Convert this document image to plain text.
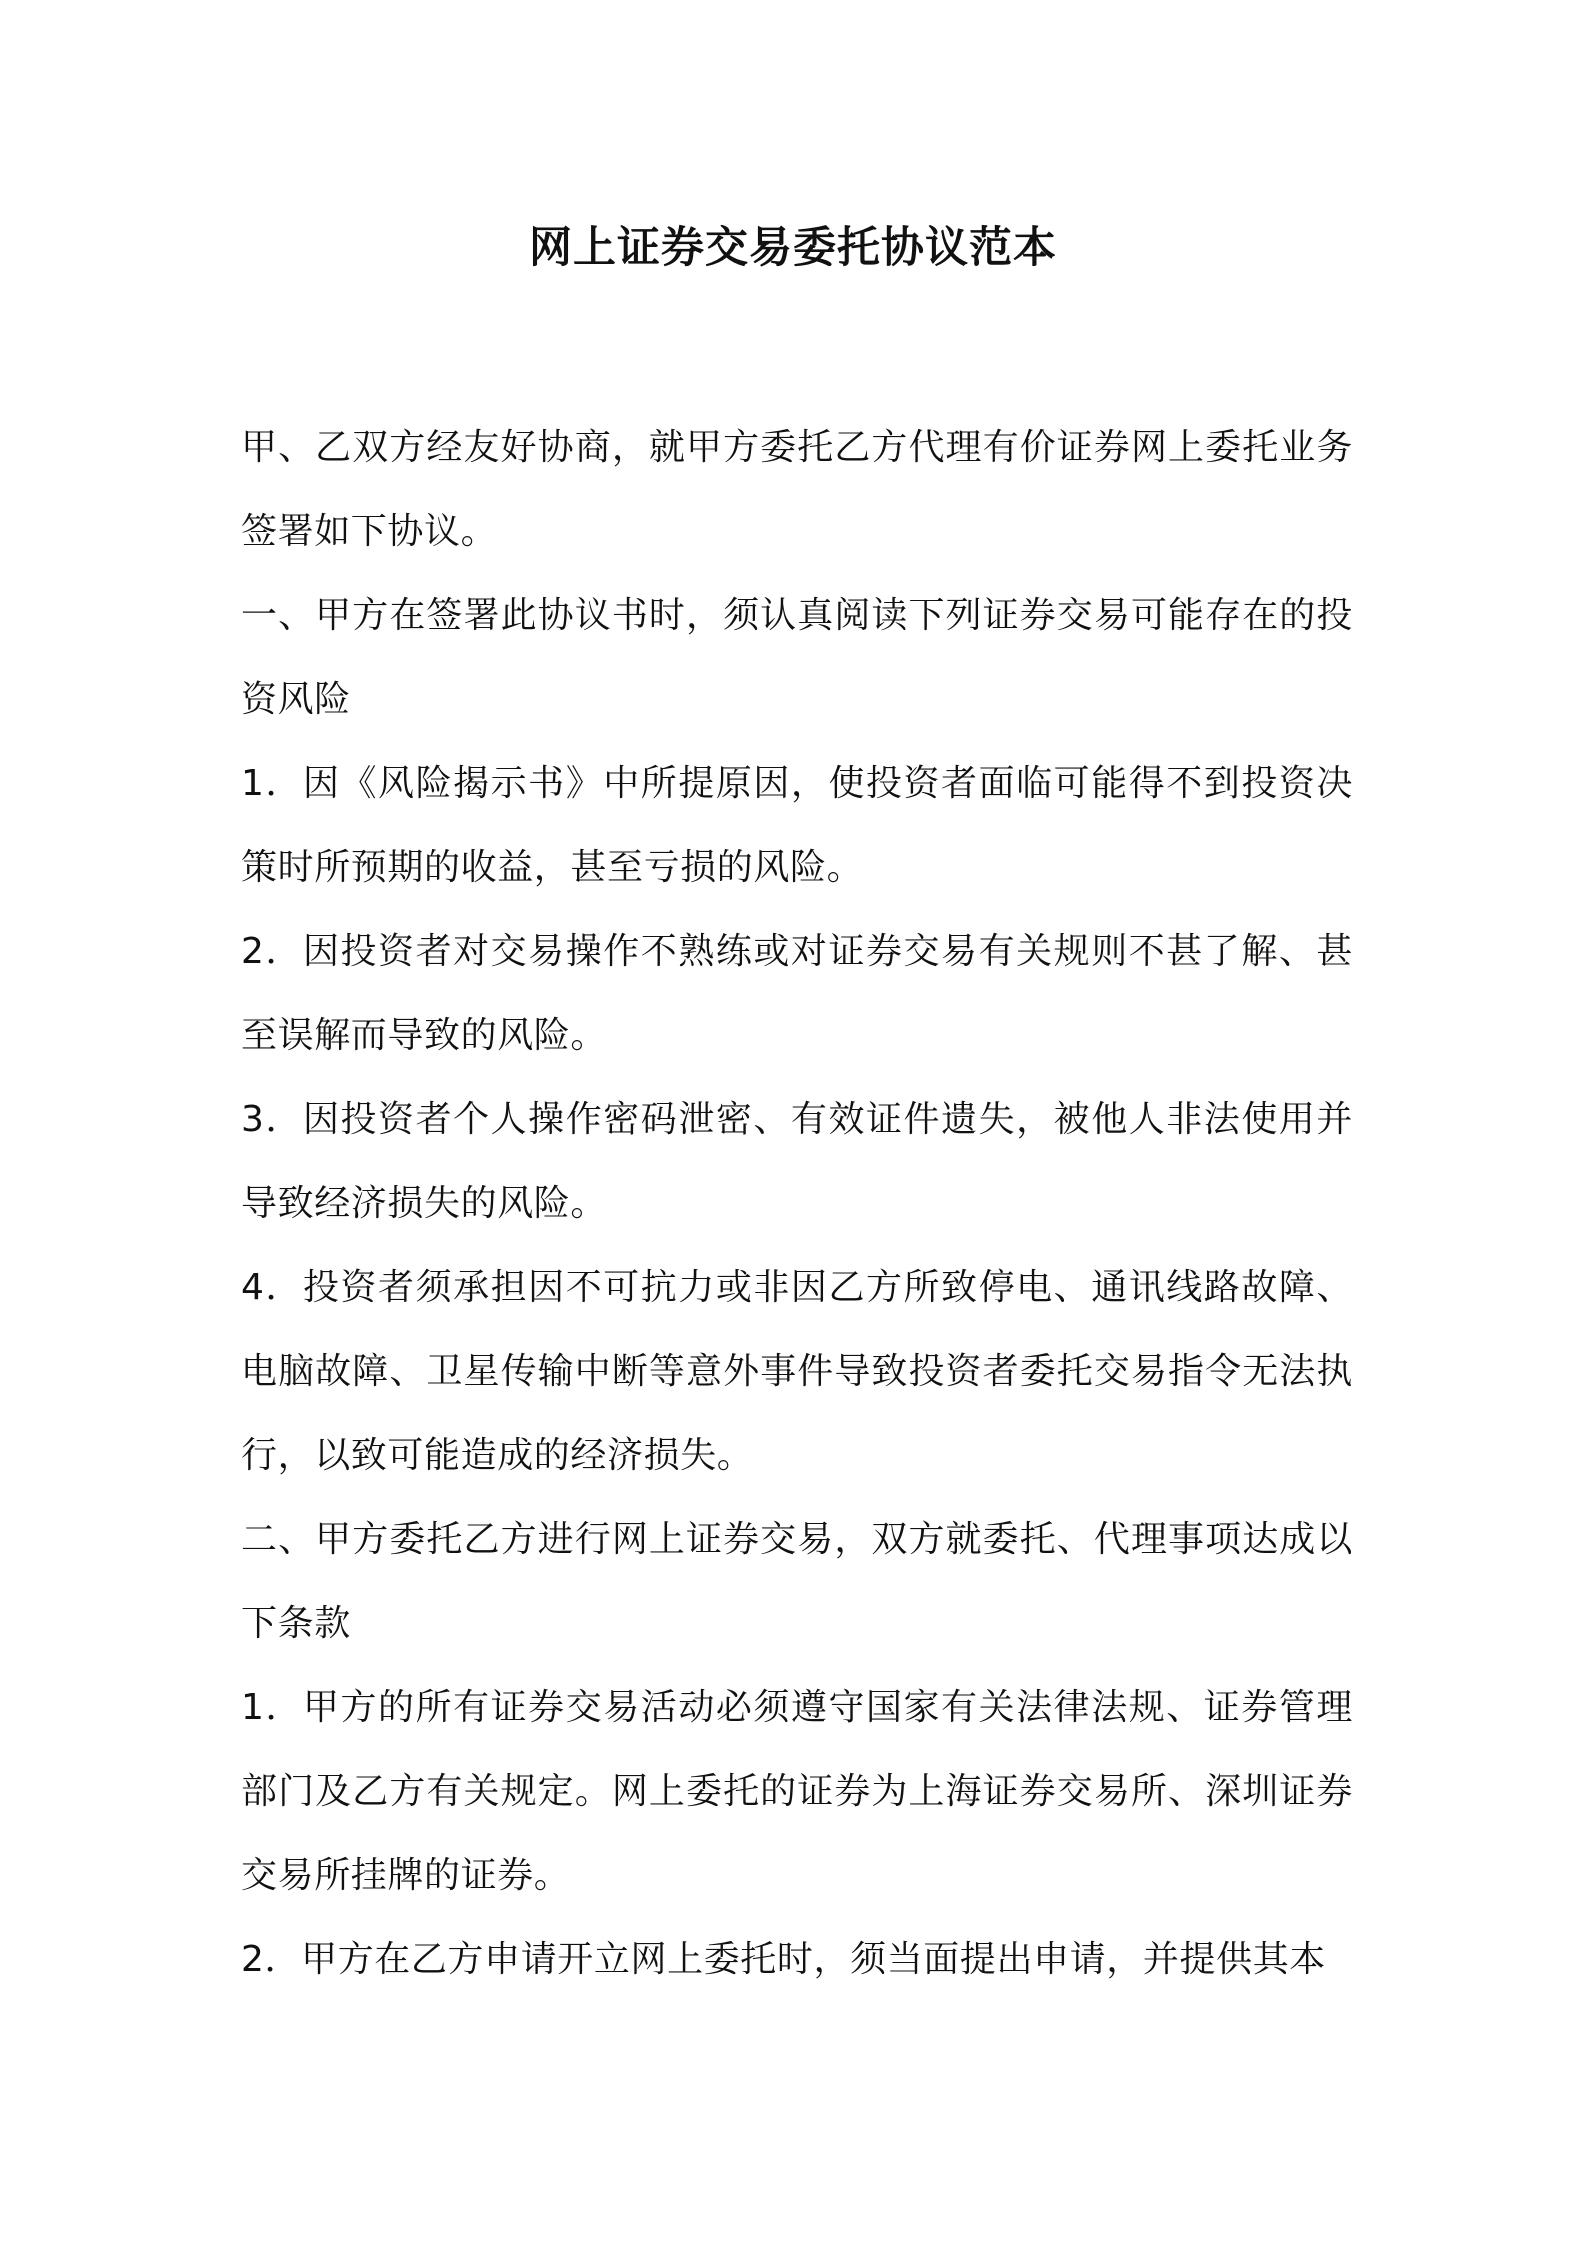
网上证券交易委托协议范本

甲、乙双方经友好协商，就甲方委托乙方代理有价证券网上委托业务签署如下协议。

一、甲方在签署此协议书时，须认真阅读下列证券交易可能存在的投资风险

1．因《风险揭示书》中所提原因，使投资者面临可能得不到投资决策时所预期的收益，甚至亏损的风险。

2．因投资者对交易操作不熟练或对证券交易有关规则不甚了解、甚至误解而导致的风险。

3．因投资者个人操作密码泄密、有效证件遗失，被他人非法使用并导致经济损失的风险。

4．投资者须承担因不可抗力或非因乙方所致停电、通讯线路故障、电脑故障、卫星传输中断等意外事件导致投资者委托交易指令无法执行，以致可能造成的经济损失。

二、甲方委托乙方进行网上证券交易，双方就委托、代理事项达成以下条款

1．甲方的所有证券交易活动必须遵守国家有关法律法规、证券管理部门及乙方有关规定。网上委托的证券为上海证券交易所、深圳证券交易所挂牌的证券。

2．甲方在乙方申请开立网上委托时，须当面提出申请，并提供其本
